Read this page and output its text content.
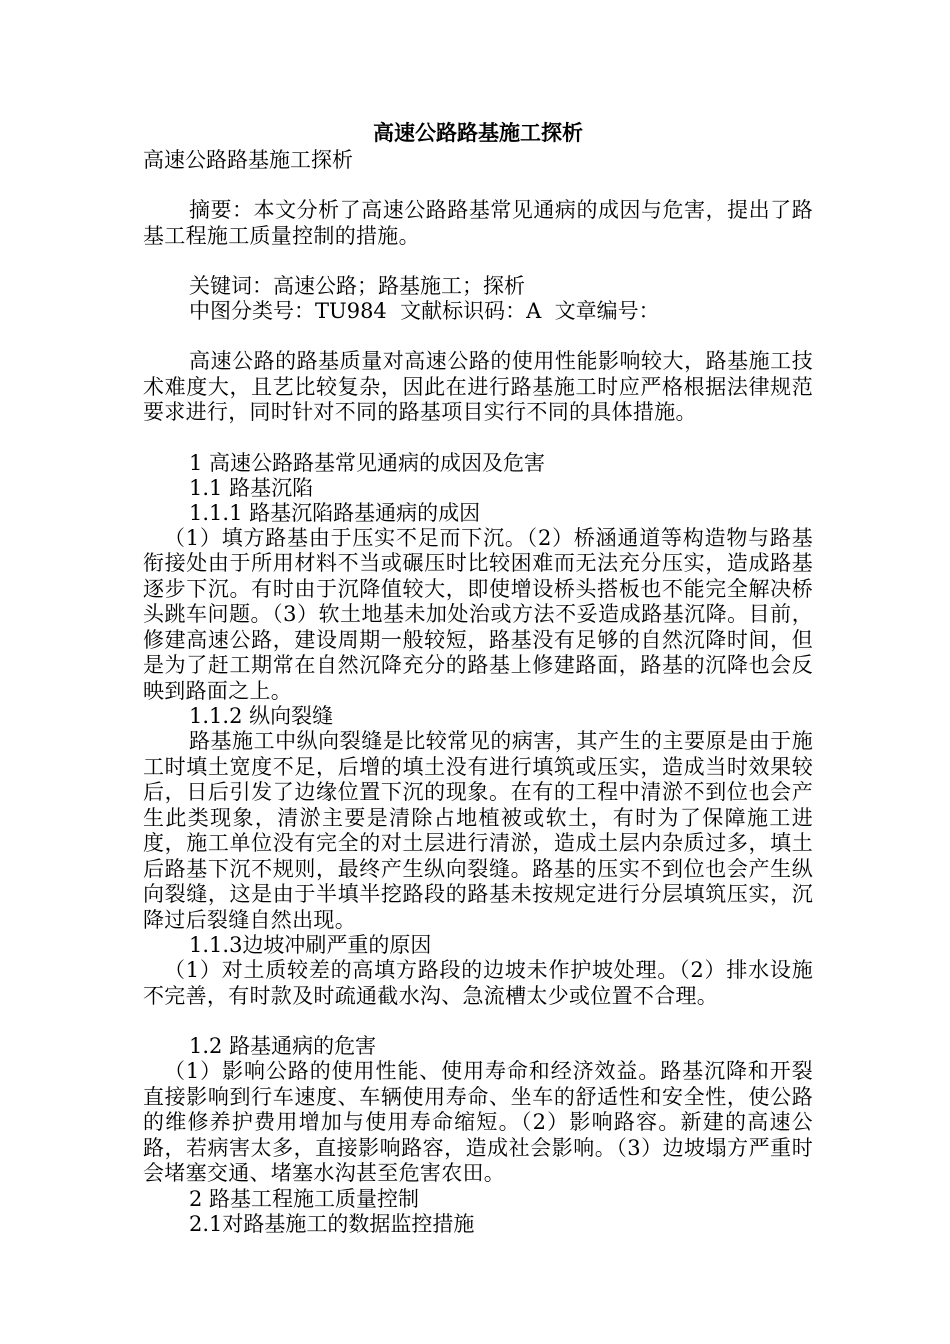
高速公路路基施工探析

高速公路路基施工探析

摘要：本文分析了高速公路路基常见通病的成因与危害，提出了路基工程施工质量控制的措施。

关键词：高速公路；路基施工；探析

中图分类号：TU984  文献标识码：A  文章编号：

高速公路的路基质量对高速公路的使用性能影响较大，路基施工技术难度大，且艺比较复杂，因此在进行路基施工时应严格根据法律规范要求进行，同时针对不同的路基项目实行不同的具体措施。

1 高速公路路基常见通病的成因及危害

1.1 路基沉陷

1.1.1 路基沉陷路基通病的成因

（1）填方路基由于压实不足而下沉。（2）桥涵通道等构造物与路基衔接处由于所用材料不当或碾压时比较困难而无法充分压实，造成路基逐步下沉。有时由于沉降值较大，即使增设桥头搭板也不能完全解决桥头跳车问题。（3）软土地基未加处治或方法不妥造成路基沉降。目前，修建高速公路，建设周期一般较短，路基没有足够的自然沉降时间，但是为了赶工期常在自然沉降充分的路基上修建路面，路基的沉降也会反映到路面之上。

1.1.2 纵向裂缝

路基施工中纵向裂缝是比较常见的病害，其产生的主要原是由于施工时填土宽度不足，后增的填土没有进行填筑或压实，造成当时效果较后，日后引发了边缘位置下沉的现象。在有的工程中清淤不到位也会产生此类现象，清淤主要是清除占地植被或软土，有时为了保障施工进度，施工单位没有完全的对土层进行清淤，造成土层内杂质过多，填土后路基下沉不规则，最终产生纵向裂缝。路基的压实不到位也会产生纵向裂缝，这是由于半填半挖路段的路基未按规定进行分层填筑压实，沉降过后裂缝自然出现。

1.1.3边坡冲刷严重的原因

（1）对土质较差的高填方路段的边坡未作护坡处理。（2）排水设施不完善，有时款及时疏通截水沟、急流槽太少或位置不合理。

1.2 路基通病的危害

（1）影响公路的使用性能、使用寿命和经济效益。路基沉降和开裂直接影响到行车速度、车辆使用寿命、坐车的舒适性和安全性，使公路的维修养护费用增加与使用寿命缩短。（2）影响路容。新建的高速公路，若病害太多，直接影响路容，造成社会影响。（3）边坡塌方严重时会堵塞交通、堵塞水沟甚至危害农田。

2 路基工程施工质量控制

2.1对路基施工的数据监控措施
